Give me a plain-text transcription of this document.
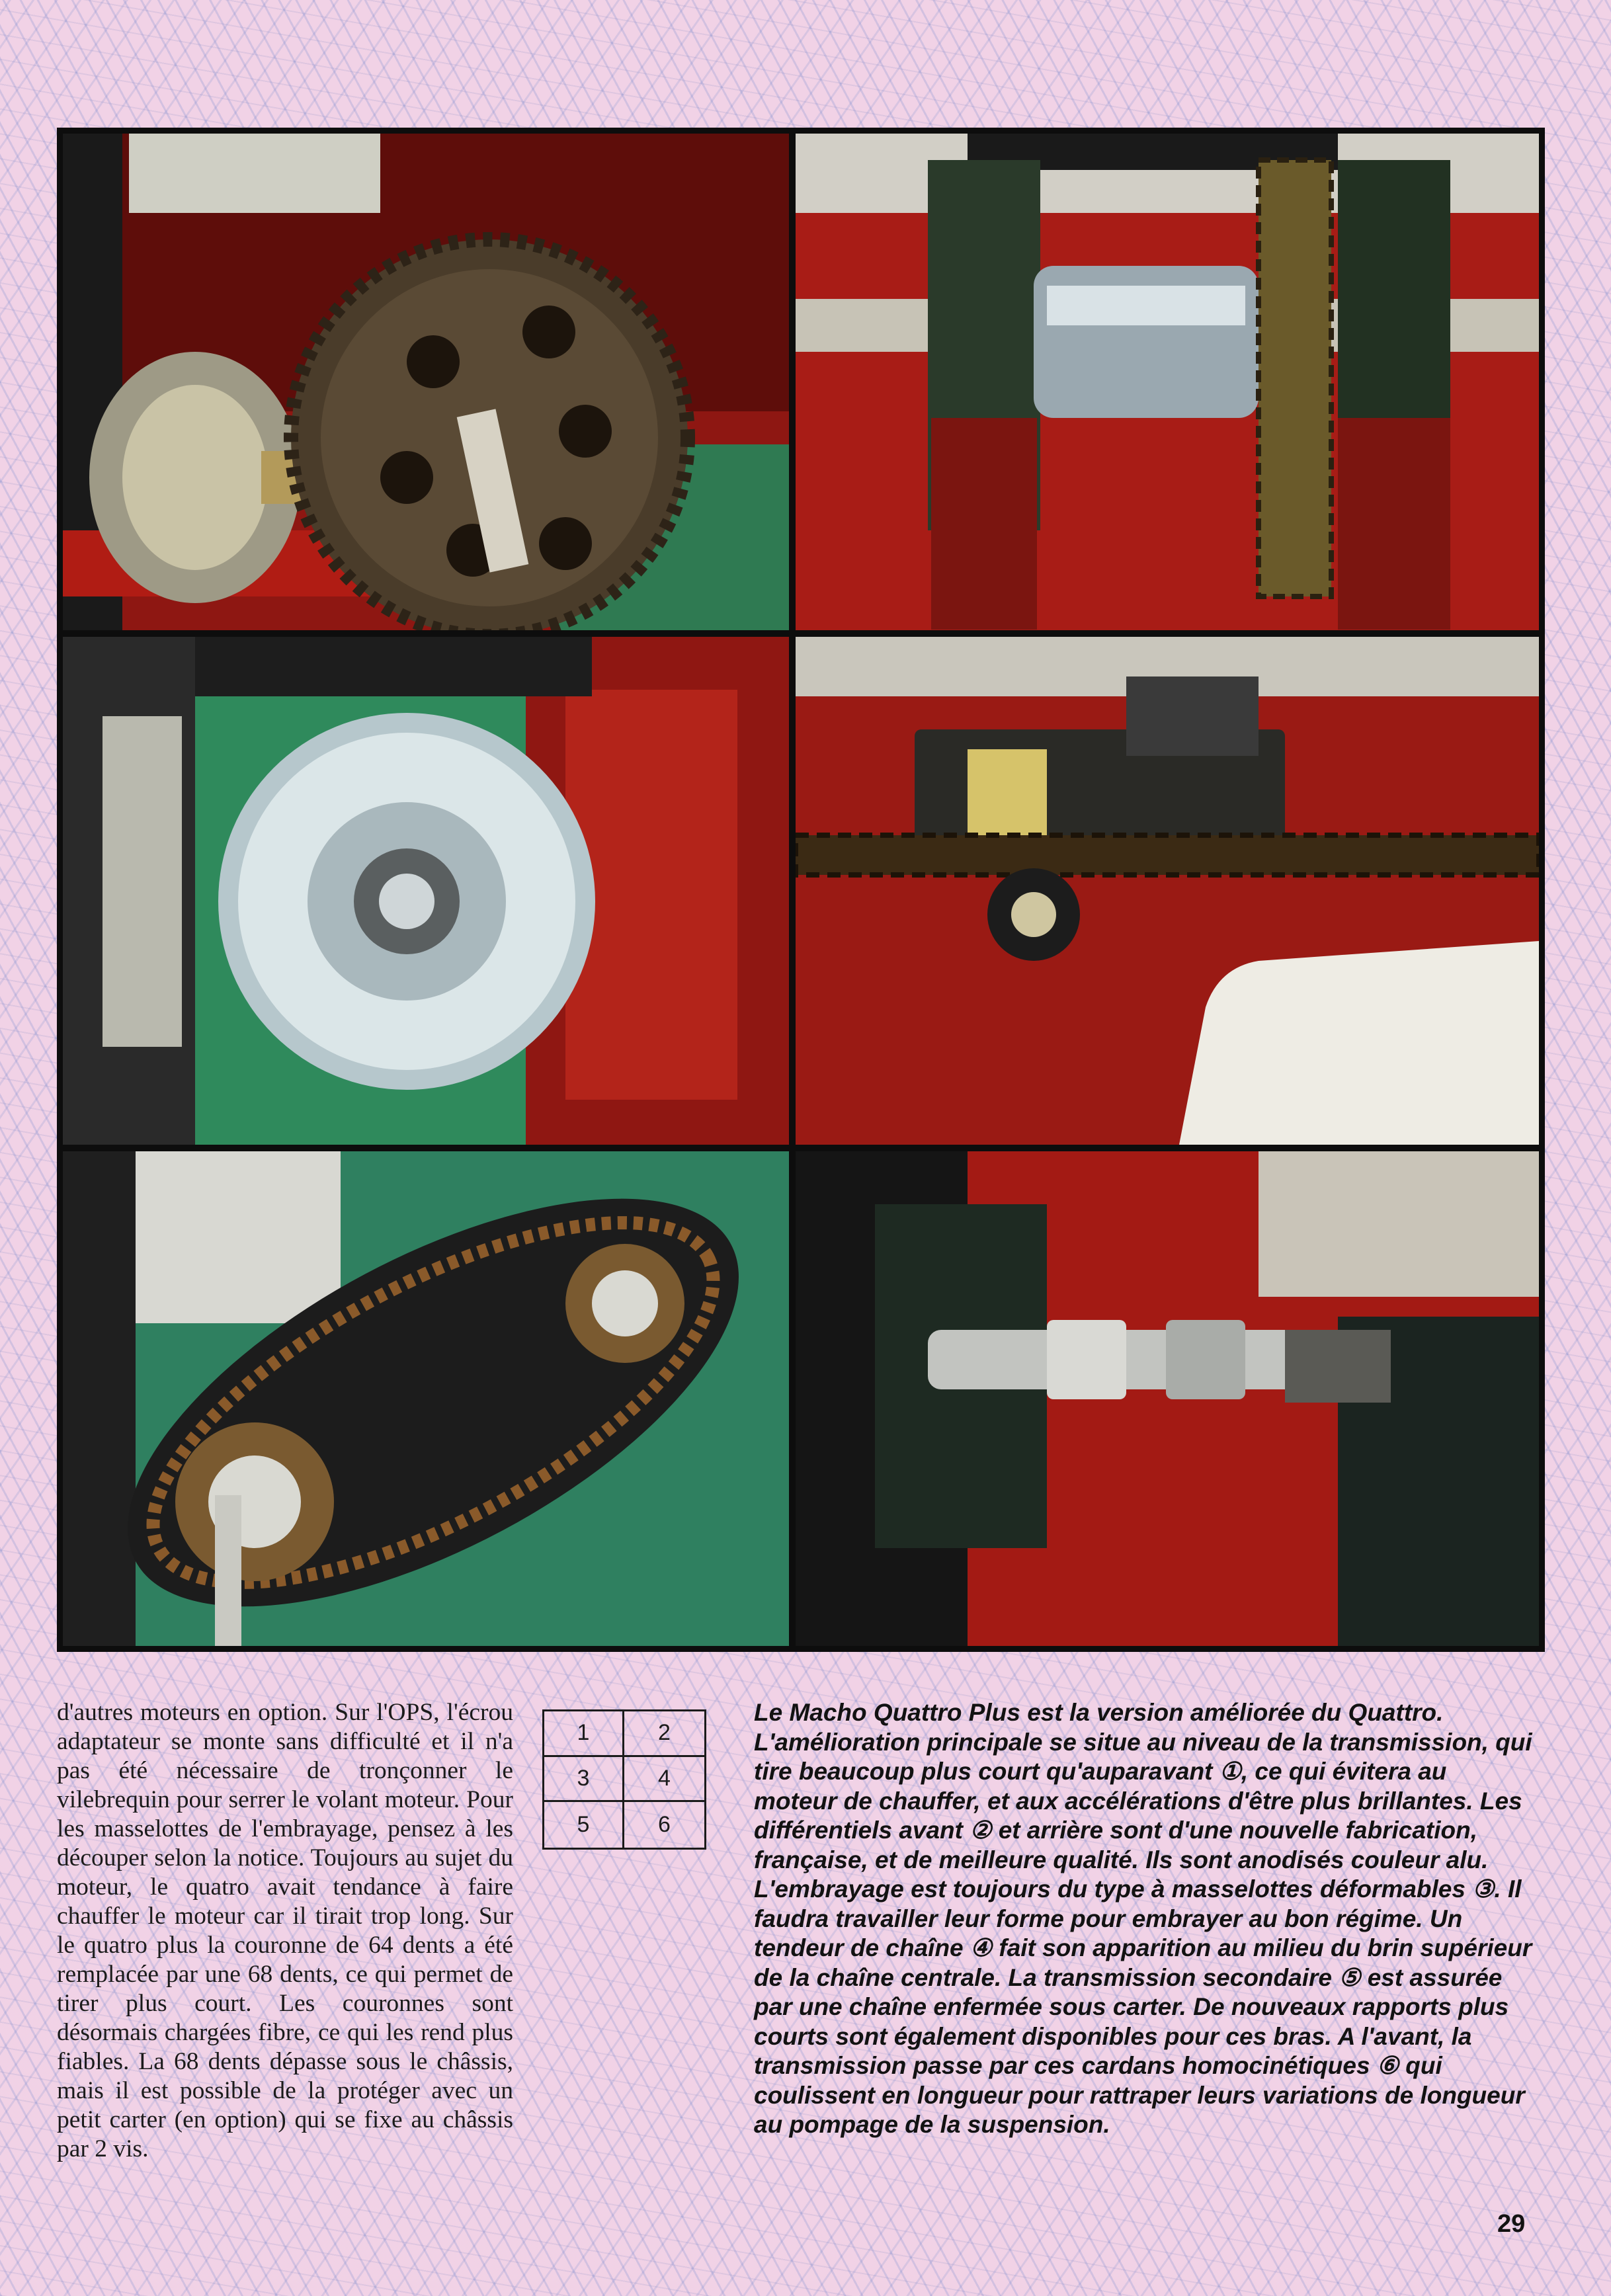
d'autres moteurs en option. Sur l'OPS, l'écrou adaptateur se monte sans difficulté et il n'a pas été nécessaire de tronçonner le vilebrequin pour serrer le volant moteur. Pour les masselottes de l'embrayage, pensez à les découper selon la notice. Toujours au sujet du moteur, le quatro avait tendance à faire chauffer le moteur car il tirait trop long. Sur le quatro plus la couronne de 64 dents a été remplacée par une 68 dents, ce qui permet de tirer plus court. Les couronnes sont désormais chargées fibre, ce qui les rend plus fiables. La 68 dents dépasse sous le châssis, mais il est possible de la protéger avec un petit carter (en option) qui se fixe au châssis par 2 vis.

1	2
3	4
5	6
Le Macho Quattro Plus est la version améliorée du Quattro. L'amélioration principale se situe au niveau de la transmission, qui tire beaucoup plus court qu'auparavant ①, ce qui évitera au moteur de chauffer, et aux accélérations d'être plus brillantes. Les différentiels avant ② et arrière sont d'une nouvelle fabrication, française, et de meilleure qualité. Ils sont anodisés couleur alu. L'embrayage est toujours du type à masselottes déformables ③. Il faudra travailler leur forme pour embrayer au bon régime. Un tendeur de chaîne ④ fait son apparition au milieu du brin supérieur de la chaîne centrale. La transmission secondaire ⑤ est assurée par une chaîne enfermée sous carter. De nouveaux rapports plus courts sont également disponibles pour ces bras. A l'avant, la transmission passe par ces cardans homocinétiques ⑥ qui coulissent en longueur pour rattraper leurs variations de longueur au pompage de la suspension.
29
